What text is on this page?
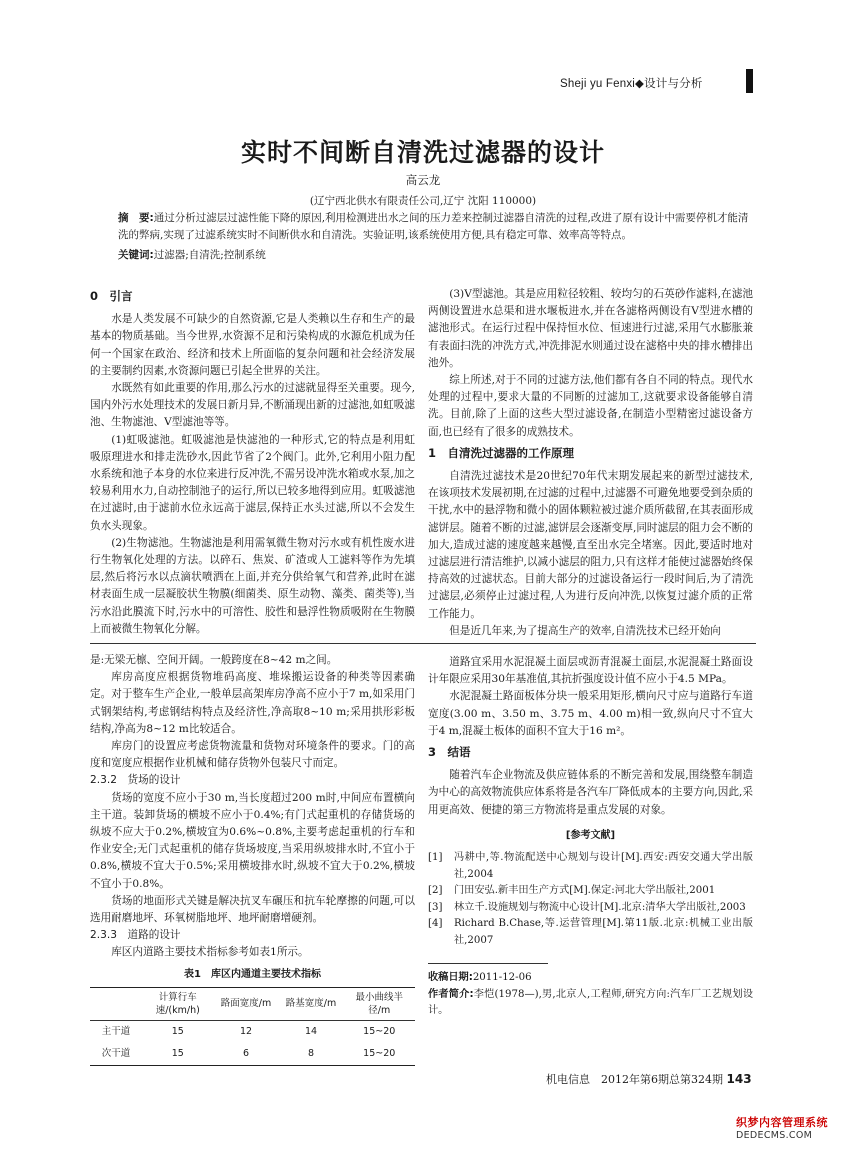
Sheji yu Fenxi◆设计与分析
实时不间断自清洗过滤器的设计
高云龙
(辽宁西北供水有限责任公司,辽宁 沈阳 110000)
摘　要:通过分析过滤层过滤性能下降的原因,利用检测进出水之间的压力差来控制过滤器自清洗的过程,改进了原有设计中需要停机才能清洗的弊病,实现了过滤系统实时不间断供水和自清洗。实验证明,该系统使用方便,具有稳定可靠、效率高等特点。
关键词:过滤器;自清洗;控制系统
0　引言

水是人类发展不可缺少的自然资源,它是人类赖以生存和生产的最基本的物质基础。当今世界,水资源不足和污染构成的水源危机成为任何一个国家在政治、经济和技术上所面临的复杂问题和社会经济发展的主要制约因素,水资源问题已引起全世界的关注。

水既然有如此重要的作用,那么污水的过滤就显得至关重要。现今,国内外污水处理技术的发展日新月异,不断涌现出新的过滤池,如虹吸滤池、生物滤池、V型滤池等等。

(1)虹吸滤池。虹吸滤池是快滤池的一种形式,它的特点是利用虹吸原理进水和排走洗砂水,因此节省了2个阀门。此外,它利用小阻力配水系统和池子本身的水位来进行反冲洗,不需另设冲洗水箱或水泵,加之较易利用水力,自动控制池子的运行,所以已较多地得到应用。虹吸滤池在过滤时,由于滤前水位永远高于滤层,保持正水头过滤,所以不会发生负水头现象。

(2)生物滤池。生物滤池是利用需氧微生物对污水或有机性废水进行生物氧化处理的方法。以碎石、焦炭、矿渣或人工滤料等作为先填层,然后将污水以点滴状喷洒在上面,并充分供给氧气和营养,此时在滤材表面生成一层凝胶状生物膜(细菌类、原生动物、藻类、菌类等),当污水沿此膜流下时,污水中的可溶性、胶性和悬浮性物质吸附在生物膜上而被微生物氧化分解。

(3)V型滤池。其是应用粒径较粗、较均匀的石英砂作滤料,在滤池两侧设置进水总渠和进水堰板进水,并在各滤格两侧设有V型进水槽的滤池形式。在运行过程中保持恒水位、恒速进行过滤,采用气水膨胀兼有表面扫洗的冲洗方式,冲洗排泥水则通过设在滤格中央的排水槽排出池外。

综上所述,对于不同的过滤方法,他们都有各自不同的特点。现代水处理的过程中,要求大量的不同断的过滤加工,这就要求设备能够自清洗。目前,除了上面的这些大型过滤设备,在制造小型精密过滤设备方面,也已经有了很多的成熟技术。

1　自清洗过滤器的工作原理

自清洗过滤技术是20世纪70年代末期发展起来的新型过滤技术,在该项技术发展初期,在过滤的过程中,过滤器不可避免地要受到杂质的干扰,水中的悬浮物和微小的固体颗粒被过滤介质所截留,在其表面形成滤饼层。随着不断的过滤,滤饼层会逐渐变厚,同时滤层的阻力会不断的加大,造成过滤的速度越来越慢,直至出水完全堵塞。因此,要适时地对过滤层进行清洁维护,以减小滤层的阻力,只有这样才能使过滤器始终保持高效的过滤状态。目前大部分的过滤设备运行一段时间后,为了清洗过滤层,必须停止过滤过程,人为进行反向冲洗,以恢复过滤介质的正常工作能力。

但是近几年来,为了提高生产的效率,自清洗技术已经开始向

是:无梁无檩、空间开阔。一般跨度在8~42 m之间。

库房高度应根据货物堆码高度、堆垛搬运设备的种类等因素确定。对于整车生产企业,一般单层高架库房净高不应小于7 m,如采用门式钢架结构,考虑钢结构特点及经济性,净高取8~10 m;采用拱形彩板结构,净高为8~12 m比较适合。

库房门的设置应考虑货物流量和货物对环境条件的要求。门的高度和宽度应根据作业机械和储存货物外包装尺寸而定。

2.3.2　货场的设计

货场的宽度不应小于30 m,当长度超过200 m时,中间应布置横向主干道。装卸货场的横坡不应小于0.4%;有门式起重机的存储货场的纵坡不应大于0.2%,横坡宜为0.6%~0.8%,主要考虑起重机的行车和作业安全;无门式起重机的储存货场坡度,当采用纵坡排水时,不宜小于0.8%,横坡不宜大于0.5%;采用横坡排水时,纵坡不宜大于0.2%,横坡不宜小于0.8%。

货场的地面形式关键是解决抗叉车碾压和抗车轮摩擦的问题,可以选用耐磨地坪、环氧树脂地坪、地坪耐磨增硬剂。

2.3.3　道路的设计

库区内道路主要技术指标参考如表1所示。

表1　库区内通道主要技术指标
	计算行车速/(km/h)	路面宽度/m	路基宽度/m	最小曲线半径/m
主干道	15	12	14	15~20
次干道	15	6	8	15~20

道路宜采用水泥混凝土面层或沥青混凝土面层,水泥混凝土路面设计年限应采用30年基准值,其抗折强度设计值不应小于4.5 MPa。

水泥混凝土路面板体分块一般采用矩形,横向尺寸应与道路行车道宽度(3.00 m、3.50 m、3.75 m、4.00 m)相一致,纵向尺寸不宜大于4 m,混凝土板体的面积不宜大于16 m²。

3　结语

随着汽车企业物流及供应链体系的不断完善和发展,围绕整车制造为中心的高效物流供应体系将是各汽车厂降低成本的主要方向,因此,采用更高效、便捷的第三方物流将是重点发展的对象。

[参考文献]
[1]	冯耕中,等.物流配送中心规划与设计[M].西安:西安交通大学出版社,2004
[2]	门田安弘.新丰田生产方式[M].保定:河北大学出版社,2001
[3]	林立千.设施规划与物流中心设计[M].北京:清华大学出版社,2003
[4]	Richard B.Chase,等.运营管理[M].第11版.北京:机械工业出版社,2007
收稿日期:2011-12-06
作者简介:李恺(1978—),男,北京人,工程师,研究方向:汽车厂工艺规划设计。
机电信息　2012年第6期总第324期 143
织梦内容管理系统
DEDECMS.COM
